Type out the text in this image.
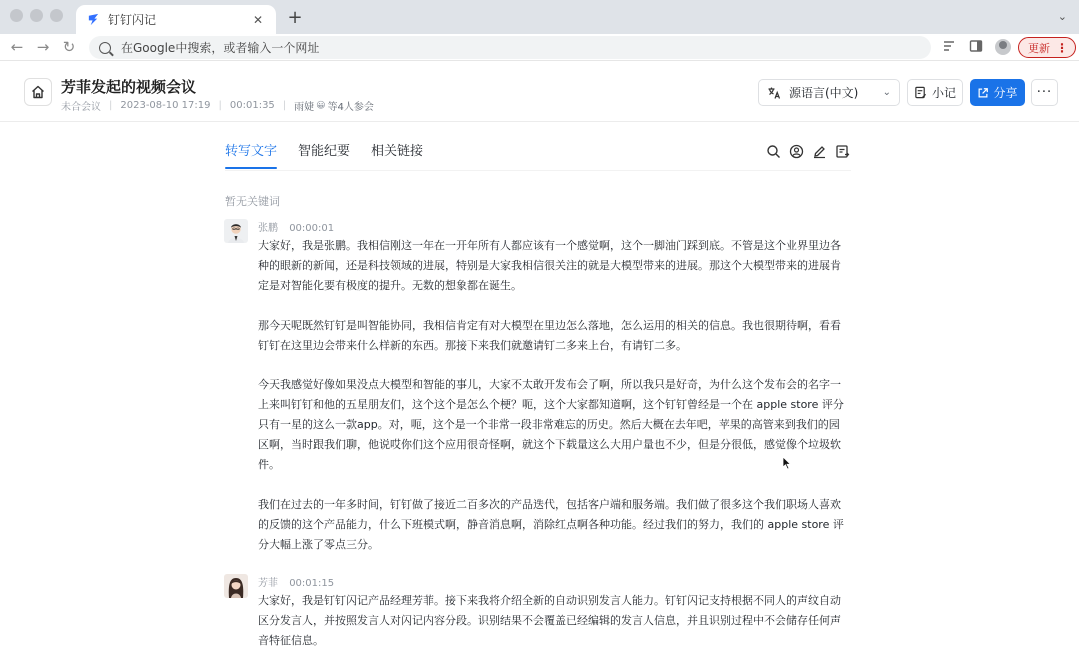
钉钉闪记	✕ +	⌄
← → ↻	在Google中搜索，或者输入一个网址	更新 ⋮
芳菲发起的视频会议
未合会议 | 2023-08-10 17:19 | 00:01:35 | 雨婕 😀 等4人参会
源语言(中文)	⌄	小记	分享 ···
转写文字 智能纪要 相关链接
暂无关键词
张鹏 00:00:01
大家好，我是张鹏。我相信刚这一年在一开年所有人都应该有一个感觉啊，这个一脚油门踩到底。不管是这个业界里边各种的眼新的新闻，还是科技领域的进展，特别是大家我相信很关注的就是大模型带来的进展。那这个大模型带来的进展肯定是对智能化要有极度的提升。无数的想象都在诞生。
那今天呢既然钉钉是叫智能协同，我相信肯定有对大模型在里边怎么落地，怎么运用的相关的信息。我也很期待啊，看看钉钉在这里边会带来什么样新的东西。那接下来我们就邀请钉二多来上台，有请钉二多。
今天我感觉好像如果没点大模型和智能的事儿，大家不太敢开发布会了啊，所以我只是好奇，为什么这个发布会的名字一上来叫钉钉和他的五星朋友们，这个这个是怎么个梗？呃，这个大家都知道啊，这个钉钉曾经是一个在 apple store 评分只有一星的这么一款app。对，呃，这个是一个非常一段非常难忘的历史。然后大概在去年吧，苹果的高管来到我们的园区啊，当时跟我们聊，他说哎你们这个应用很奇怪啊，就这个下载量这么大用户量也不少，但是分很低，感觉像个垃圾软件。
我们在过去的一年多时间，钉钉做了接近二百多次的产品迭代，包括客户端和服务端。我们做了很多这个我们职场人喜欢的反馈的这个产品能力，什么下班模式啊，静音消息啊，消除红点啊各种功能。经过我们的努力，我们的 apple store 评分大幅上涨了零点三分。
芳菲 00:01:15
大家好，我是钉钉闪记产品经理芳菲。接下来我将介绍全新的自动识别发言人能力。钉钉闪记支持根据不同人的声纹自动区分发言人，并按照发言人对闪记内容分段。识别结果不会覆盖已经编辑的发言人信息，并且识别过程中不会储存任何声音特征信息。
